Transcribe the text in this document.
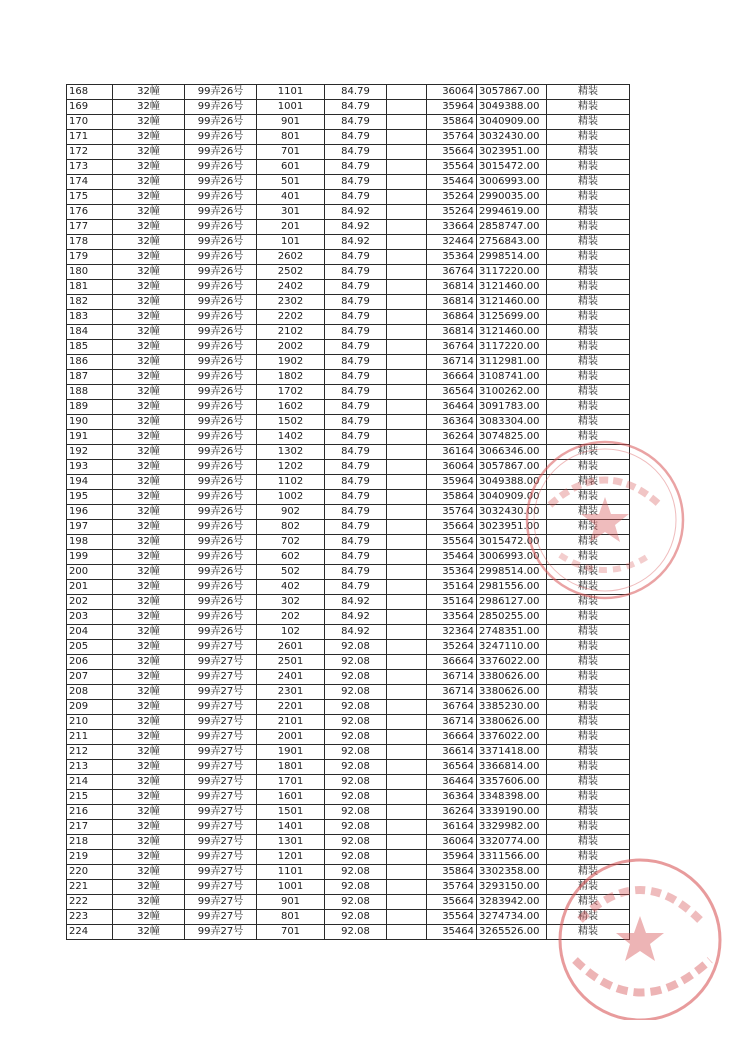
168	32幢	99弄26号	1101	84.79		36064	3057867.00	精装
169	32幢	99弄26号	1001	84.79		35964	3049388.00	精装
170	32幢	99弄26号	901	84.79		35864	3040909.00	精装
171	32幢	99弄26号	801	84.79		35764	3032430.00	精装
172	32幢	99弄26号	701	84.79		35664	3023951.00	精装
173	32幢	99弄26号	601	84.79		35564	3015472.00	精装
174	32幢	99弄26号	501	84.79		35464	3006993.00	精装
175	32幢	99弄26号	401	84.79		35264	2990035.00	精装
176	32幢	99弄26号	301	84.92		35264	2994619.00	精装
177	32幢	99弄26号	201	84.92		33664	2858747.00	精装
178	32幢	99弄26号	101	84.92		32464	2756843.00	精装
179	32幢	99弄26号	2602	84.79		35364	2998514.00	精装
180	32幢	99弄26号	2502	84.79		36764	3117220.00	精装
181	32幢	99弄26号	2402	84.79		36814	3121460.00	精装
182	32幢	99弄26号	2302	84.79		36814	3121460.00	精装
183	32幢	99弄26号	2202	84.79		36864	3125699.00	精装
184	32幢	99弄26号	2102	84.79		36814	3121460.00	精装
185	32幢	99弄26号	2002	84.79		36764	3117220.00	精装
186	32幢	99弄26号	1902	84.79		36714	3112981.00	精装
187	32幢	99弄26号	1802	84.79		36664	3108741.00	精装
188	32幢	99弄26号	1702	84.79		36564	3100262.00	精装
189	32幢	99弄26号	1602	84.79		36464	3091783.00	精装
190	32幢	99弄26号	1502	84.79		36364	3083304.00	精装
191	32幢	99弄26号	1402	84.79		36264	3074825.00	精装
192	32幢	99弄26号	1302	84.79		36164	3066346.00	精装
193	32幢	99弄26号	1202	84.79		36064	3057867.00	精装
194	32幢	99弄26号	1102	84.79		35964	3049388.00	精装
195	32幢	99弄26号	1002	84.79		35864	3040909.00	精装
196	32幢	99弄26号	902	84.79		35764	3032430.00	精装
197	32幢	99弄26号	802	84.79		35664	3023951.00	精装
198	32幢	99弄26号	702	84.79		35564	3015472.00	精装
199	32幢	99弄26号	602	84.79		35464	3006993.00	精装
200	32幢	99弄26号	502	84.79		35364	2998514.00	精装
201	32幢	99弄26号	402	84.79		35164	2981556.00	精装
202	32幢	99弄26号	302	84.92		35164	2986127.00	精装
203	32幢	99弄26号	202	84.92		33564	2850255.00	精装
204	32幢	99弄26号	102	84.92		32364	2748351.00	精装
205	32幢	99弄27号	2601	92.08		35264	3247110.00	精装
206	32幢	99弄27号	2501	92.08		36664	3376022.00	精装
207	32幢	99弄27号	2401	92.08		36714	3380626.00	精装
208	32幢	99弄27号	2301	92.08		36714	3380626.00	精装
209	32幢	99弄27号	2201	92.08		36764	3385230.00	精装
210	32幢	99弄27号	2101	92.08		36714	3380626.00	精装
211	32幢	99弄27号	2001	92.08		36664	3376022.00	精装
212	32幢	99弄27号	1901	92.08		36614	3371418.00	精装
213	32幢	99弄27号	1801	92.08		36564	3366814.00	精装
214	32幢	99弄27号	1701	92.08		36464	3357606.00	精装
215	32幢	99弄27号	1601	92.08		36364	3348398.00	精装
216	32幢	99弄27号	1501	92.08		36264	3339190.00	精装
217	32幢	99弄27号	1401	92.08		36164	3329982.00	精装
218	32幢	99弄27号	1301	92.08		36064	3320774.00	精装
219	32幢	99弄27号	1201	92.08		35964	3311566.00	精装
220	32幢	99弄27号	1101	92.08		35864	3302358.00	精装
221	32幢	99弄27号	1001	92.08		35764	3293150.00	精装
222	32幢	99弄27号	901	92.08		35664	3283942.00	精装
223	32幢	99弄27号	801	92.08		35564	3274734.00	精装
224	32幢	99弄27号	701	92.08		35464	3265526.00	精装
